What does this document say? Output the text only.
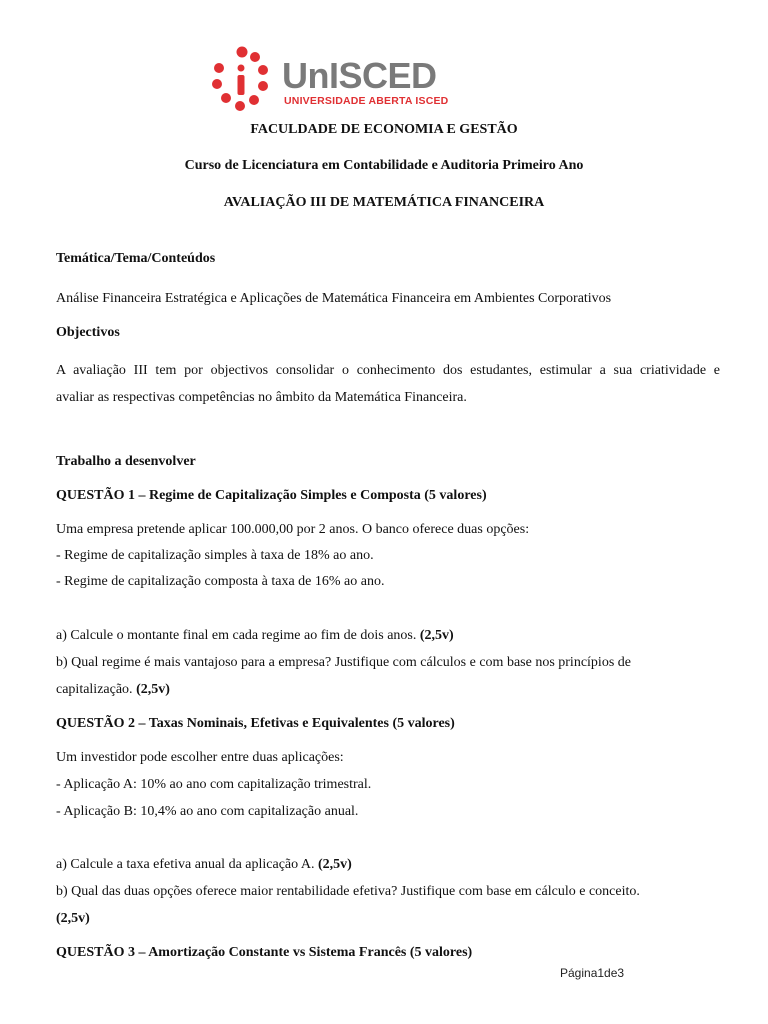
UnISCED
UNIVERSIDADE ABERTA ISCED
FACULDADE DE ECONOMIA E GESTÃO
Curso de Licenciatura em Contabilidade e Auditoria Primeiro Ano
AVALIAÇÃO III DE MATEMÁTICA FINANCEIRA
Temática/Tema/Conteúdos
Análise Financeira Estratégica e Aplicações de Matemática Financeira em Ambientes Corporativos
Objectivos
A avaliação III tem por objectivos consolidar o conhecimento dos estudantes, estimular a sua criatividade e
avaliar as respectivas competências no âmbito da Matemática Financeira.
Trabalho a desenvolver
QUESTÃO 1 – Regime de Capitalização Simples e Composta (5 valores)
Uma empresa pretende aplicar 100.000,00 por 2 anos. O banco oferece duas opções:
- Regime de capitalização simples à taxa de 18% ao ano.
- Regime de capitalização composta à taxa de 16% ao ano.
a) Calcule o montante final em cada regime ao fim de dois anos. (2,5v)
b) Qual regime é mais vantajoso para a empresa? Justifique com cálculos e com base nos princípios de
capitalização. (2,5v)
QUESTÃO 2 – Taxas Nominais, Efetivas e Equivalentes (5 valores)
Um investidor pode escolher entre duas aplicações:
- Aplicação A: 10% ao ano com capitalização trimestral.
- Aplicação B: 10,4% ao ano com capitalização anual.
a) Calcule a taxa efetiva anual da aplicação A. (2,5v)
b) Qual das duas opções oferece maior rentabilidade efetiva? Justifique com base em cálculo e conceito.
(2,5v)
QUESTÃO 3 – Amortização Constante vs Sistema Francês (5 valores)
Página1de3
